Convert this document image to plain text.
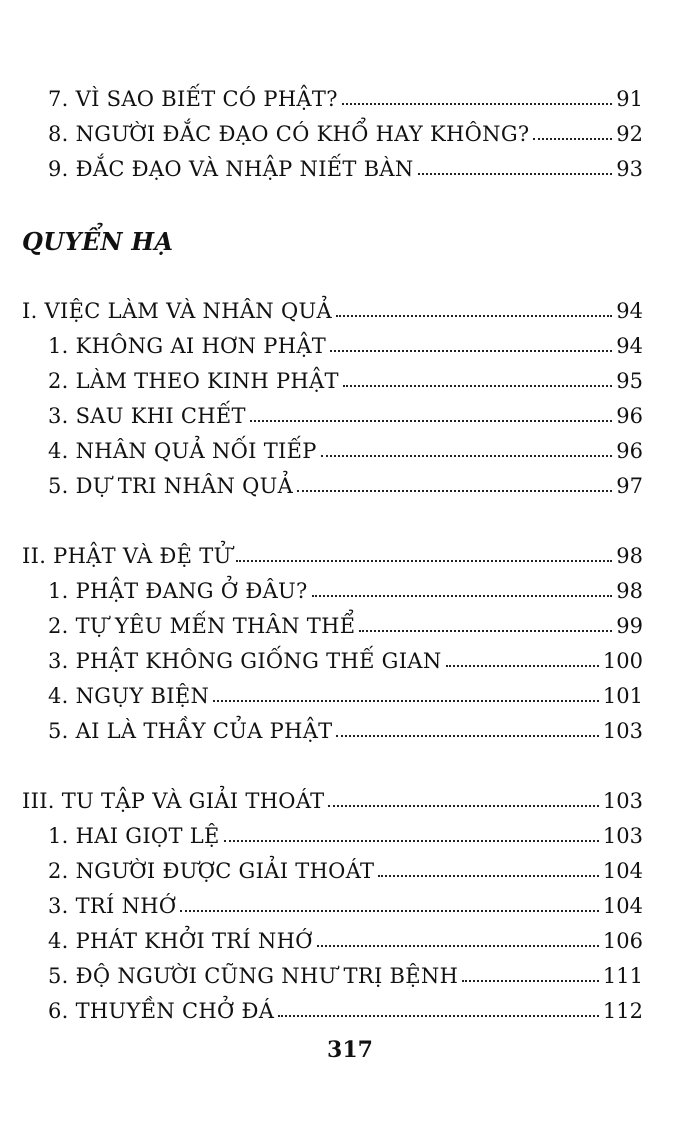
7. VÌ SAO BIẾT CÓ PHẬT?	91
8. NGƯỜI ĐẮC ĐẠO CÓ KHỔ HAY KHÔNG?	92
9. ĐẮC ĐẠO VÀ NHẬP NIẾT BÀN	93
QUYỂN HẠ
I. VIỆC LÀM VÀ NHÂN QUẢ	94
1. KHÔNG AI HƠN PHẬT	94
2. LÀM THEO KINH PHẬT	95
3. SAU KHI CHẾT	96
4. NHÂN QUẢ NỐI TIẾP	96
5. DỰ TRI NHÂN QUẢ	97
II. PHẬT VÀ ĐỆ TỬ	98
1. PHẬT ĐANG Ở ĐÂU?	98
2. TỰ YÊU MẾN THÂN THỂ	99
3. PHẬT KHÔNG GIỐNG THẾ GIAN	100
4. NGỤY BIỆN	101
5. AI LÀ THẦY CỦA PHẬT	103
III. TU TẬP VÀ GIẢI THOÁT	103
1. HAI GIỌT LỆ	103
2. NGƯỜI ĐƯỢC GIẢI THOÁT	104
3. TRÍ NHỚ	104
4. PHÁT KHỞI TRÍ NHỚ	106
5. ĐỘ NGƯỜI CŨNG NHƯ TRỊ BỆNH	111
6. THUYỀN CHỞ ĐÁ	112
317
